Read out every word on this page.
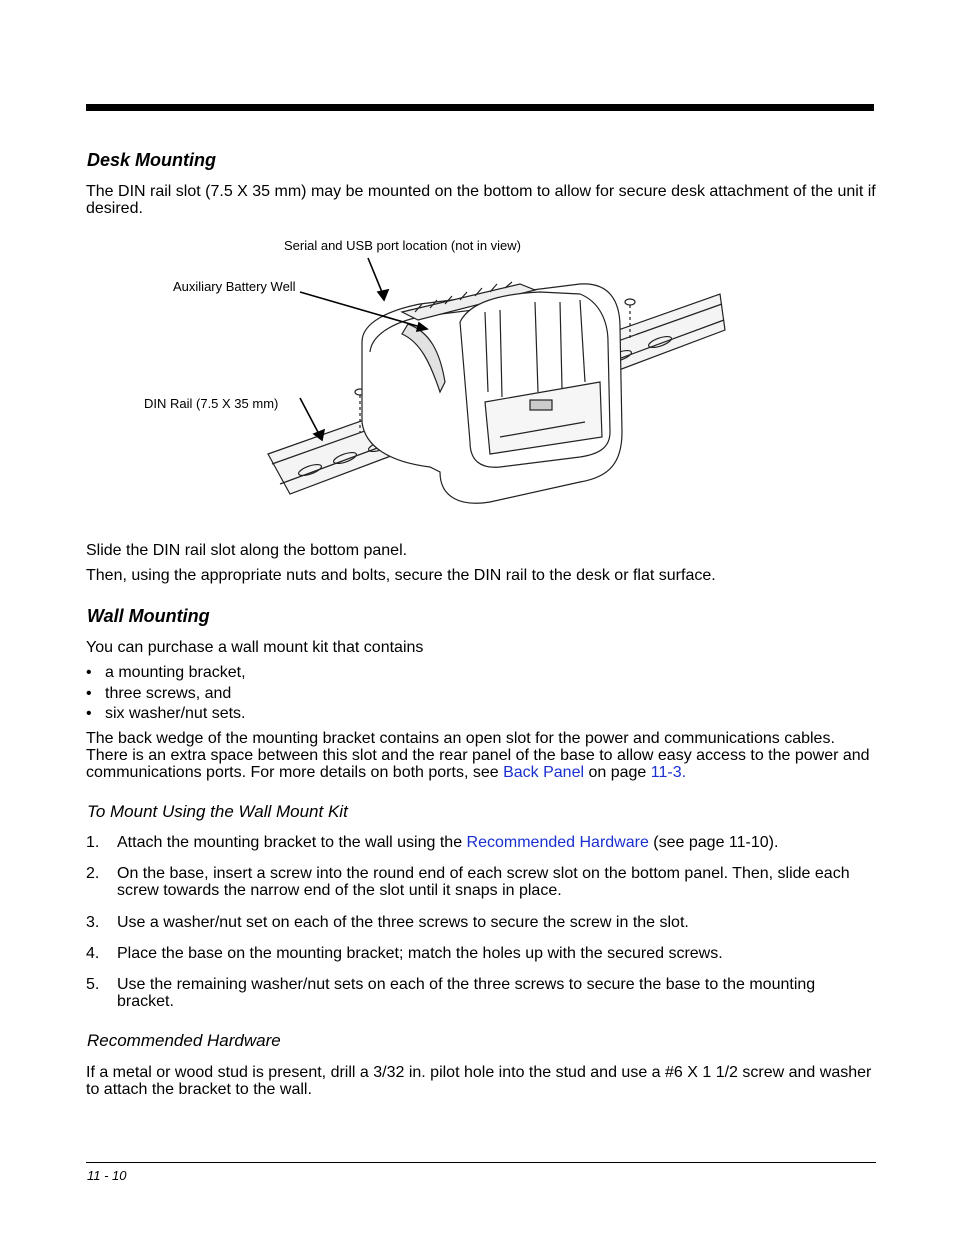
Desk Mounting

The DIN rail slot (7.5 X 35 mm) may be mounted on the bottom to allow for secure desk attachment of the unit if desired.

Serial and USB port location (not in view)
Auxiliary Battery Well
DIN Rail (7.5 X 35 mm)

Slide the DIN rail slot along the bottom panel.

Then, using the appropriate nuts and bolts, secure the DIN rail to the desk or flat surface.

Wall Mounting

You can purchase a wall mount kit that contains

• a mounting bracket,
• three screws, and
• six washer/nut sets.

The back wedge of the mounting bracket contains an open slot for the power and communications cables. There is an extra space between this slot and the rear panel of the base to allow easy access to the power and communications ports. For more details on both ports, see Back Panel on page 11-3.

To Mount Using the Wall Mount Kit
1. Attach the mounting bracket to the wall using the Recommended Hardware (see page 11-10).
2. On the base, insert a screw into the round end of each screw slot on the bottom panel. Then, slide each screw towards the narrow end of the slot until it snaps in place.
3. Use a washer/nut set on each of the three screws to secure the screw in the slot.
4. Place the base on the mounting bracket; match the holes up with the secured screws.
5. Use the remaining washer/nut sets on each of the three screws to secure the base to the mounting bracket.
Recommended Hardware

If a metal or wood stud is present, drill a 3/32 in. pilot hole into the stud and use a #6 X 1 1/2 screw and washer to attach the bracket to the wall.

11 - 10
